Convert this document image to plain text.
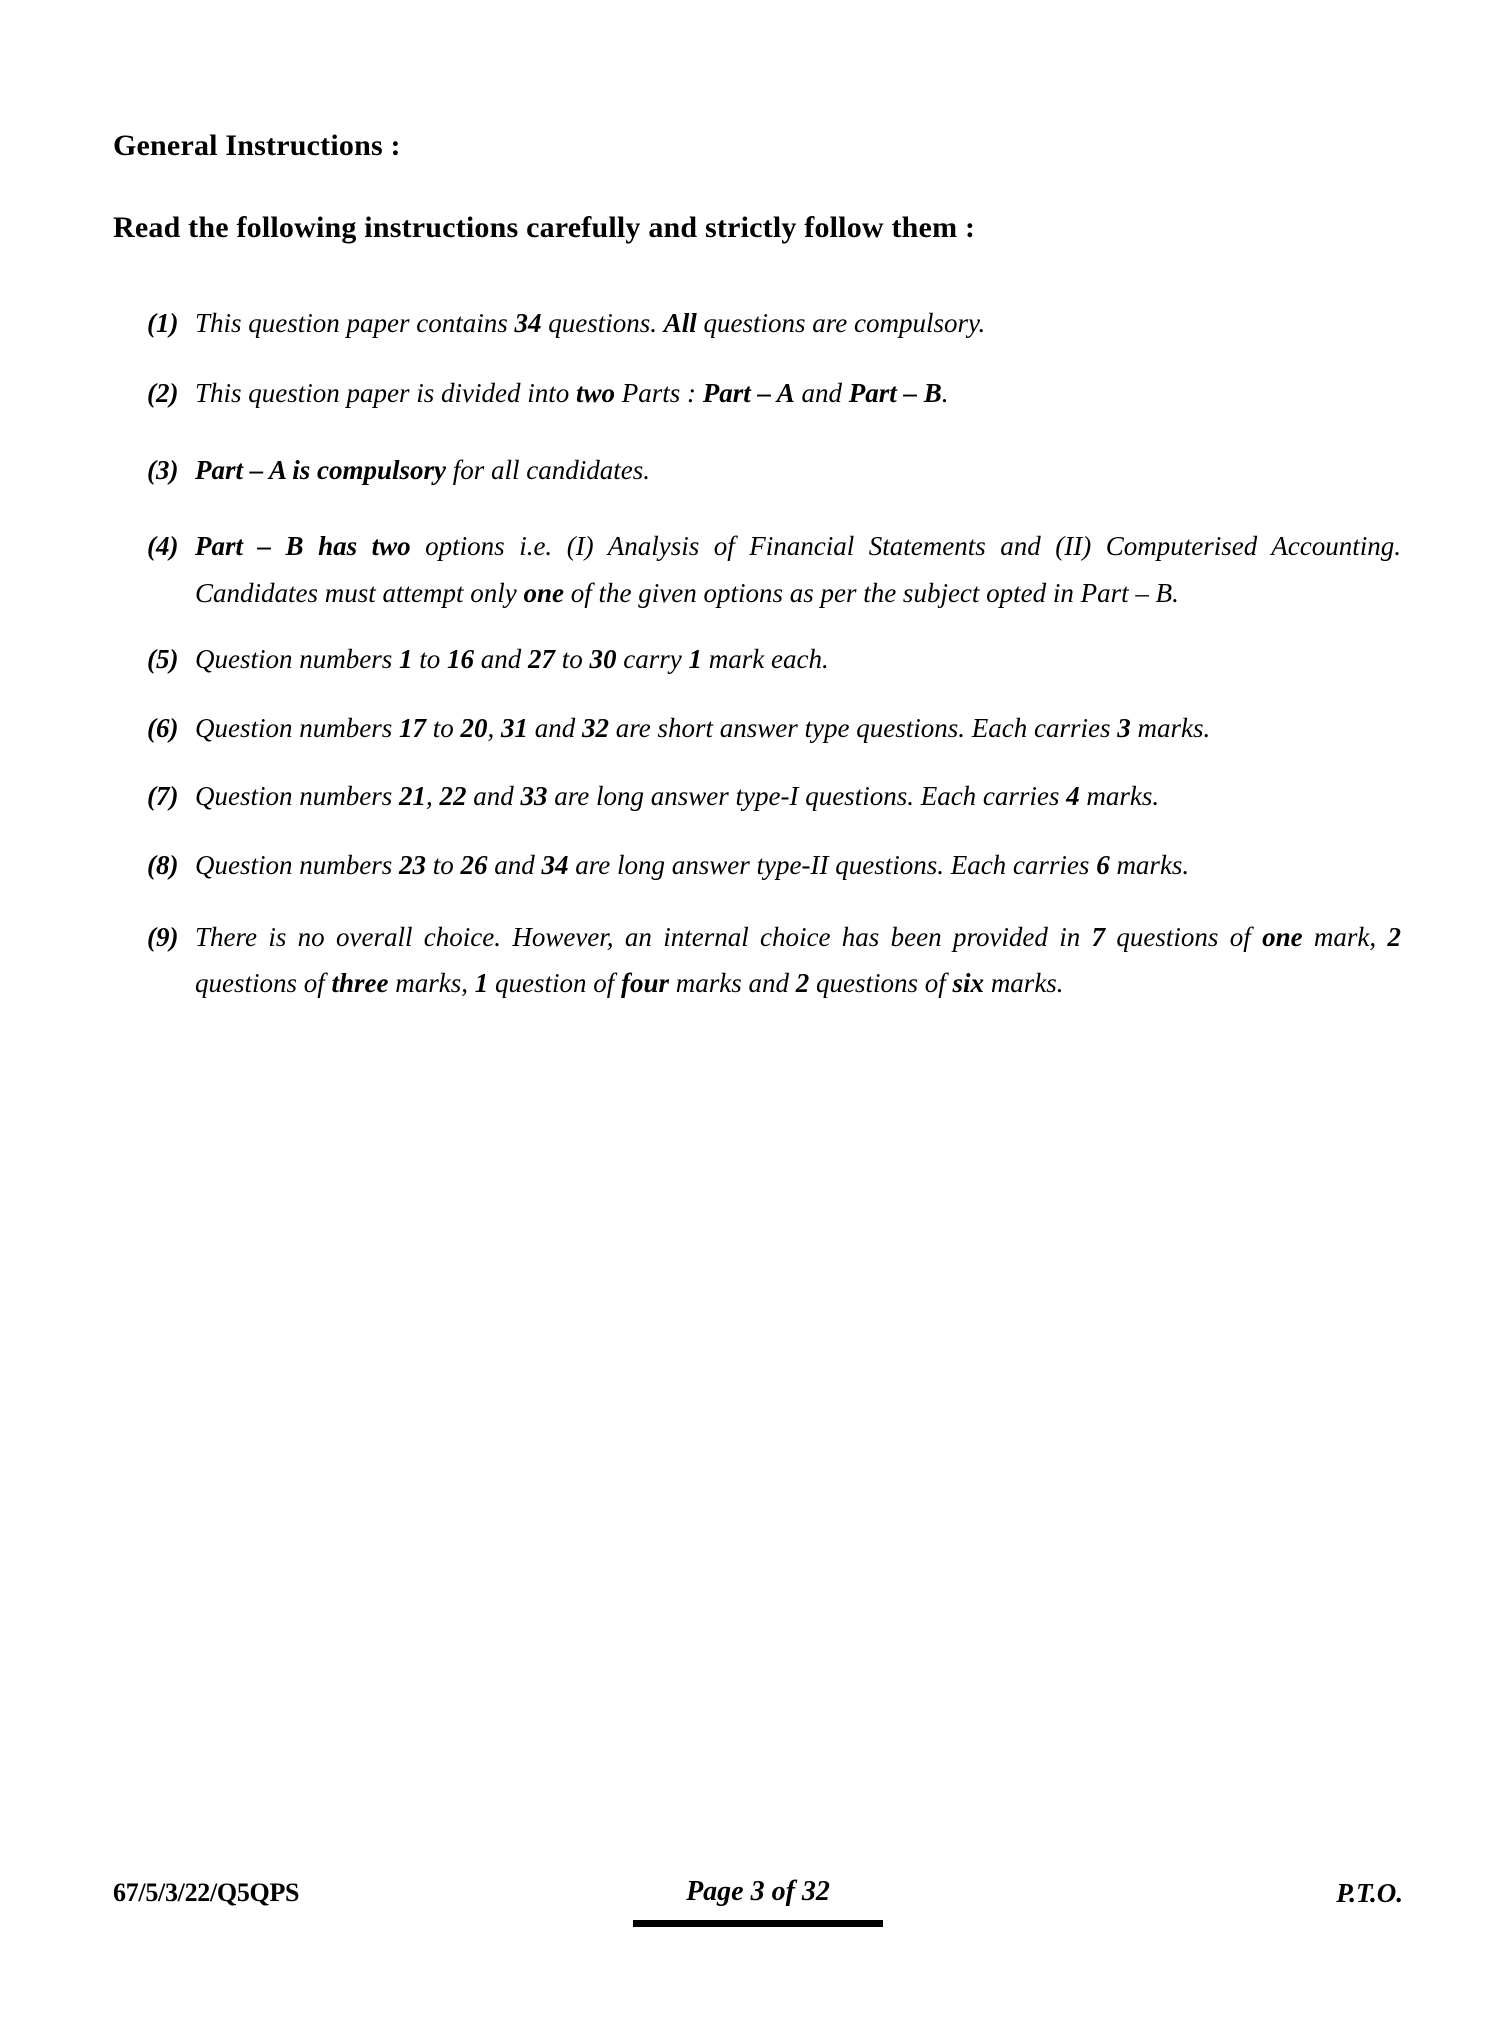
General Instructions :
Read the following instructions carefully and strictly follow them :
(1) This question paper contains 34 questions. All questions are compulsory.
(2) This question paper is divided into two Parts : Part – A and Part – B.
(3) Part – A is compulsory for all candidates.
(4) Part – B has two options i.e. (I) Analysis of Financial Statements and (II) Computerised Accounting. Candidates must attempt only one of the given options as per the subject opted in Part – B.
(5) Question numbers 1 to 16 and 27 to 30 carry 1 mark each.
(6) Question numbers 17 to 20, 31 and 32 are short answer type questions. Each carries 3 marks.
(7) Question numbers 21, 22 and 33 are long answer type-I questions. Each carries 4 marks.
(8) Question numbers 23 to 26 and 34 are long answer type-II questions. Each carries 6 marks.
(9) There is no overall choice. However, an internal choice has been provided in 7 questions of one mark, 2 questions of three marks, 1 question of four marks and 2 questions of six marks.
67/5/3/22/Q5QPS	Page 3 of 32	P.T.O.
